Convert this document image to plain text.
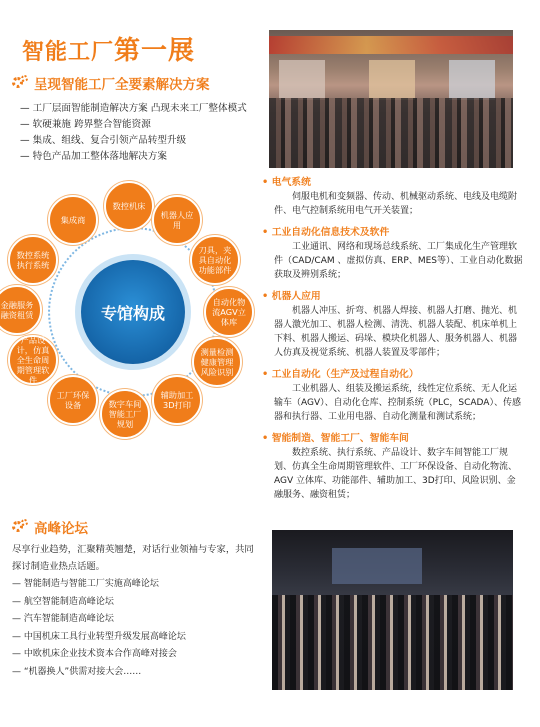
智能工厂第一展
呈现智能工厂全要素解决方案
— 工厂层面智能制造解决方案 凸现未来工厂整体模式
— 软硬兼施 跨界整合智能资源
— 集成、组线、复合引领产品转型升级
— 特色产品加工整体落地解决方案
专馆构成
数控机床
机器人应用
刀具，夹具自动化功能部件
自动化物流AGV立体库
测量检测健康管理风险识别
辅助加工3D打印
数字车间智能工厂规划
工厂环保设备
产品设计，仿真全生命周期管理软件
金融服务融资租赁
数控系统执行系统
集成商
• 电气系统
伺服电机和变频器、传动、机械驱动系统、电线及电缆附件、电气控制系统用电气开关装置；
• 工业自动化信息技术及软件
工业通讯、网络和现场总线系统、工厂集成化生产管理软件（CAD/CAM 、虚拟仿真、ERP、MES等）、工业自动化数据获取及辨别系统；
• 机器人应用
机器人冲压、折弯、机器人焊接、机器人打磨、抛光、机器人激光加工、机器人检测、清洗、机器人装配、机床单机上下料、机器人搬运、码垛、模块化机器人、服务机器人、机器人仿真及视觉系统、机器人装置及零部件；
• 工业自动化（生产及过程自动化）
工业机器人、组装及搬运系统，线性定位系统、无人化运输车（AGV）、自动化仓库、控制系统（PLC，SCADA）、传感器和执行器、工业用电器、自动化测量和测试系统；
• 智能制造、智能工厂、智能车间
数控系统、执行系统、产品设计、数字车间智能工厂规划、仿真全生命周期管理软件、工厂环保设备、自动化物流、AGV 立体库、功能部件、辅助加工、3D打印、风险识别、金融服务、融资租赁；
高峰论坛
尽享行业趋势，汇聚精英翘楚，对话行业领袖与专家，共同探讨制造业热点话题。
— 智能制造与智能工厂实施高峰论坛
— 航空智能制造高峰论坛
— 汽车智能制造高峰论坛
— 中国机床工具行业转型升级发展高峰论坛
— 中欧机床企业技术资本合作高峰对接会
— “机器换人”供需对接大会……
